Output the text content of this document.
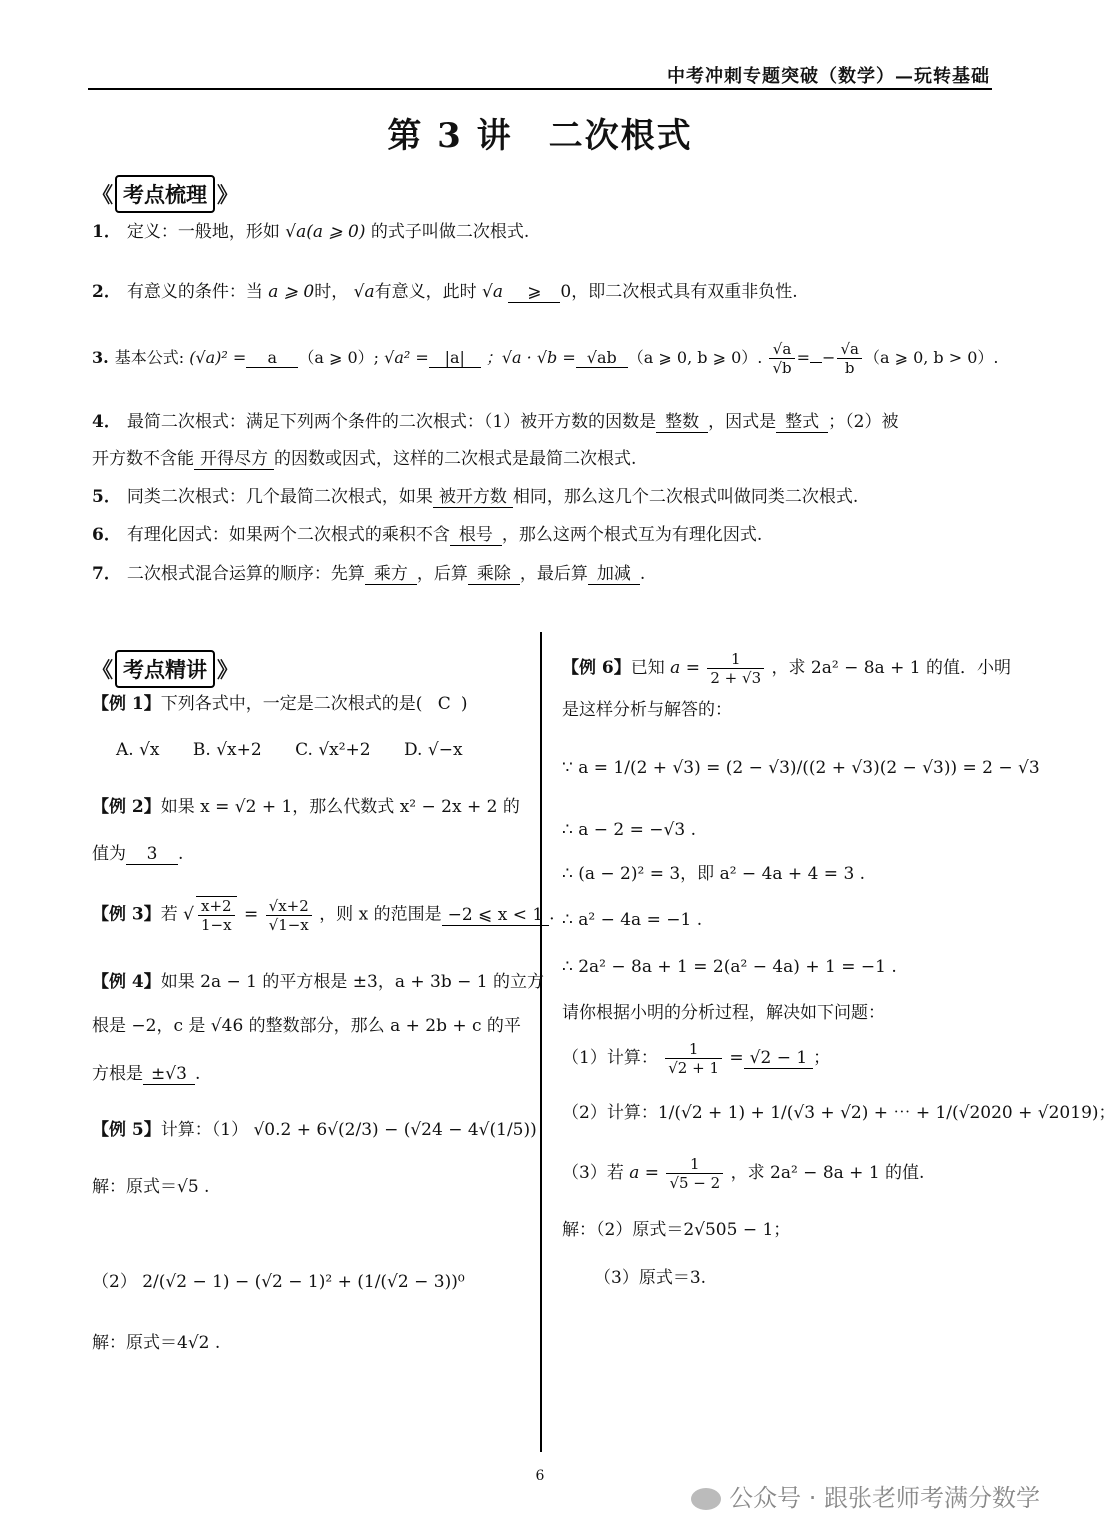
中考冲刺专题突破（数学）—玩转基础
第 3 讲　二次根式
《 考点梳理 》
1． 定义：一般地，形如 √a(a ⩾ 0) 的式子叫做二次根式.
2． 有意义的条件：当 a ⩾ 0时， √a有意义，此时 √a ⩾ 0，即二次根式具有双重非负性.
3. 基本公式: (√a)² = a （a ⩾ 0）; √a² = |a| ；√a · √b = √ab （a ⩾ 0, b ⩾ 0）. $\frac{√a}{√b}$ = − $\frac{√a}{b} (a$ ⩾ 0, b > 0）.
4． 最简二次根式：满足下列两个条件的二次根式：（1）被开方数的因数是 整数 ，因式是 整式 ；（2）被
开方数不含能 开得尽方 的因数或因式，这样的二次根式是最简二次根式.
5． 同类二次根式：几个最简二次根式，如果 被开方数 相同，那么这几个二次根式叫做同类二次根式.
6． 有理化因式：如果两个二次根式的乘积不含 根号 ，那么这两个根式互为有理化因式.
7． 二次根式混合运算的顺序：先算 乘方 ，后算 乘除 ，最后算 加减 .
《 考点精讲 》
【例 1】下列各式中，一定是二次根式的是( C )
A. √x B. √x+2 C. √x²+2 D. √−x
【例 2】如果 x = √2 + 1，那么代数式 x² − 2x + 2 的
值为 3 .
【例 3】若 √ $\frac{x+2}{1-x} = \frac{√x+2}{√1-x}$ ，则 x 的范围是 −2 ⩽ x < 1 .
【例 4】如果 2a − 1 的平方根是 ±3，a + 3b − 1 的立方
根是 −2，c 是 √46 的整数部分，那么 a + 2b + c 的平
方根是 ±√3 .
【例 5】计算：（1） √0.2 + 6√(2/3) − (√24 − 4√(1/5))
解：原式＝√5 .
（2） 2/(√2 − 1) − (√2 − 1)² + (1/(√2 − 3))⁰
解：原式＝4√2 .
【例 6】已知 $a = \frac{1}{2 + √3}$ ，求 2a² − 8a + 1 的值．小明
是这样分析与解答的：
∵ a = 1/(2 + √3) = (2 − √3)/((2 + √3)(2 − √3)) = 2 − √3
∴ a − 2 = −√3 .
∴ (a − 2)² = 3，即 a² − 4a + 4 = 3 .
∴ a² − 4a = −1 .
∴ 2a² − 8a + 1 = 2(a² − 4a) + 1 = −1 .
请你根据小明的分析过程，解决如下问题：
（1）计算： $\frac{1}{√2 + 1} = √2 - 1$ ；
（2）计算：1/(√2 + 1) + 1/(√3 + √2) + ⋯ + 1/(√2020 + √2019)；
（3）若 $a = \frac{1}{√5 - 2}$ ，求 2a² − 8a + 1 的值.
解：（2）原式＝2√505 − 1；
（3）原式＝3.
6
公众号 · 跟张老师考满分数学
